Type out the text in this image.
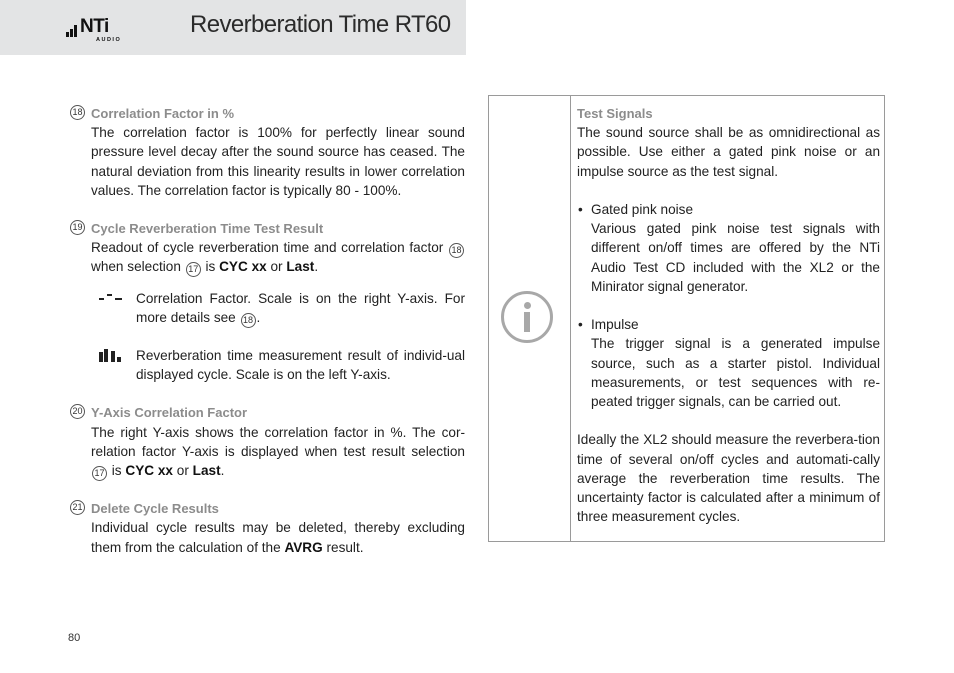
NTi
AUDIO
Reverberation Time RT60
18 Correlation Factor in %
The correlation factor is 100% for perfectly linear sound pressure level decay after the sound source has ceased. The natural deviation from this linearity results in lower correlation values. The correlation factor is typically 80 - 100%.
19 Cycle Reverberation Time Test Result
Readout of cycle reverberation time and correlation factor 18 when selection 17 is CYC xx or Last.
Correlation Factor. Scale is on the right Y-axis. For more details see 18 .
Reverberation time measurement result of individ-ual displayed cycle. Scale is on the left Y-axis.
20 Y-Axis Correlation Factor
The right Y-axis shows the correlation factor in %. The cor-relation factor Y-axis is displayed when test result selection 17 is CYC xx or Last.
21 Delete Cycle Results
Individual cycle results may be deleted, thereby excluding them from the calculation of the AVRG result.
Test Signals

The sound source shall be as omnidirectional as possible. Use either a gated pink noise or an impulse source as the test signal.

• Gated pink noise
Various gated pink noise test signals with different on/off times are offered by the NTi Audio Test CD included with the XL2 or the Minirator signal generator.
• Impulse
The trigger signal is a generated impulse source, such as a starter pistol. Individual measurements, or test sequences with re-peated trigger signals, can be carried out.

Ideally the XL2 should measure the reverbera-tion time of several on/off cycles and automati-cally average the reverberation time results. The uncertainty factor is calculated after a minimum of three measurement cycles.

80
